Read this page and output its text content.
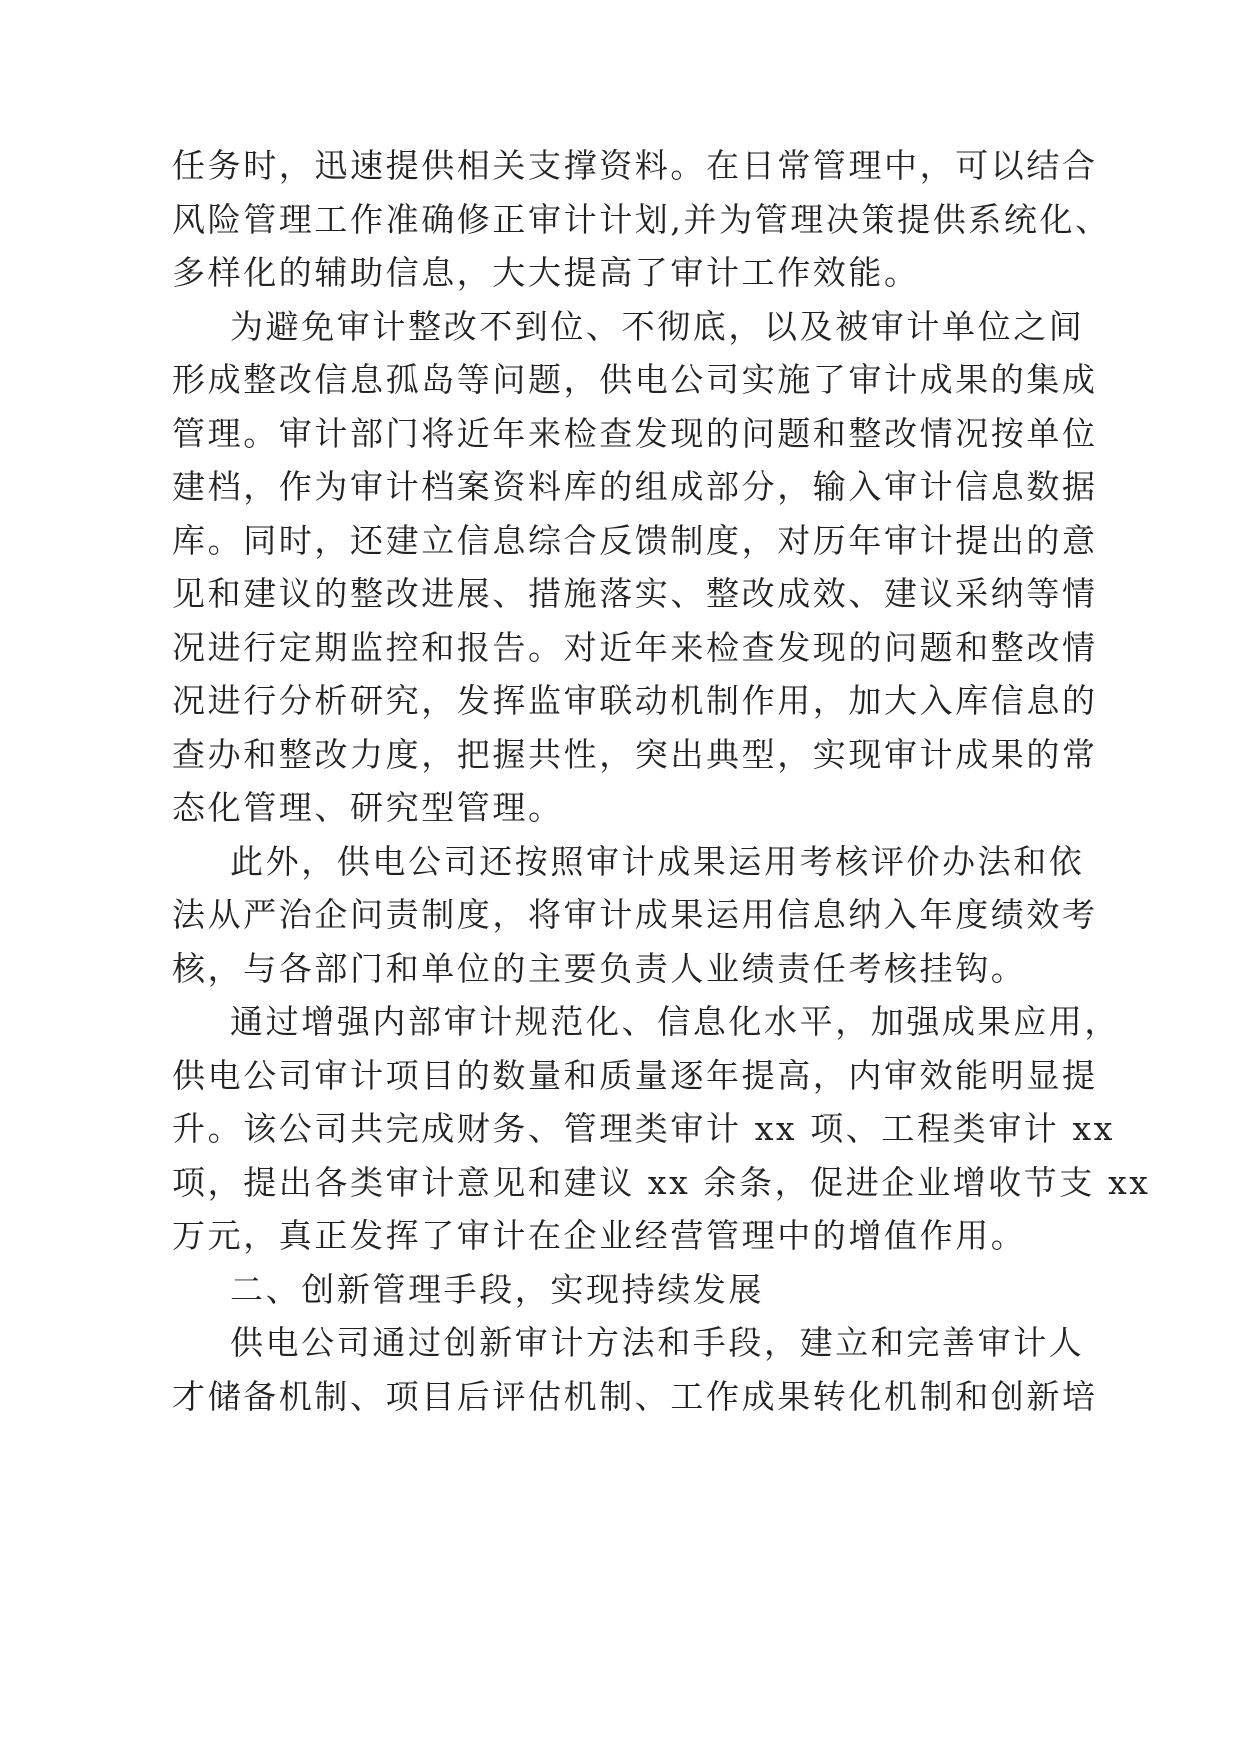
任务时，迅速提供相关支撑资料。在日常管理中，可以结合
风险管理工作准确修正审计计划,并为管理决策提供系统化、
多样化的辅助信息，大大提高了审计工作效能。
为避免审计整改不到位、不彻底，以及被审计单位之间
形成整改信息孤岛等问题，供电公司实施了审计成果的集成
管理。审计部门将近年来检查发现的问题和整改情况按单位
建档，作为审计档案资料库的组成部分，输入审计信息数据
库。同时，还建立信息综合反馈制度，对历年审计提出的意
见和建议的整改进展、措施落实、整改成效、建议采纳等情
况进行定期监控和报告。对近年来检查发现的问题和整改情
况进行分析研究，发挥监审联动机制作用，加大入库信息的
查办和整改力度，把握共性，突出典型，实现审计成果的常
态化管理、研究型管理。
此外，供电公司还按照审计成果运用考核评价办法和依
法从严治企问责制度，将审计成果运用信息纳入年度绩效考
核，与各部门和单位的主要负责人业绩责任考核挂钩。
通过增强内部审计规范化、信息化水平，加强成果应用，
供电公司审计项目的数量和质量逐年提高，内审效能明显提
升。该公司共完成财务、管理类审计 xx 项、工程类审计 xx
项，提出各类审计意见和建议 xx 余条，促进企业增收节支 xx
万元，真正发挥了审计在企业经营管理中的增值作用。
二、创新管理手段，实现持续发展
供电公司通过创新审计方法和手段，建立和完善审计人
才储备机制、项目后评估机制、工作成果转化机制和创新培
